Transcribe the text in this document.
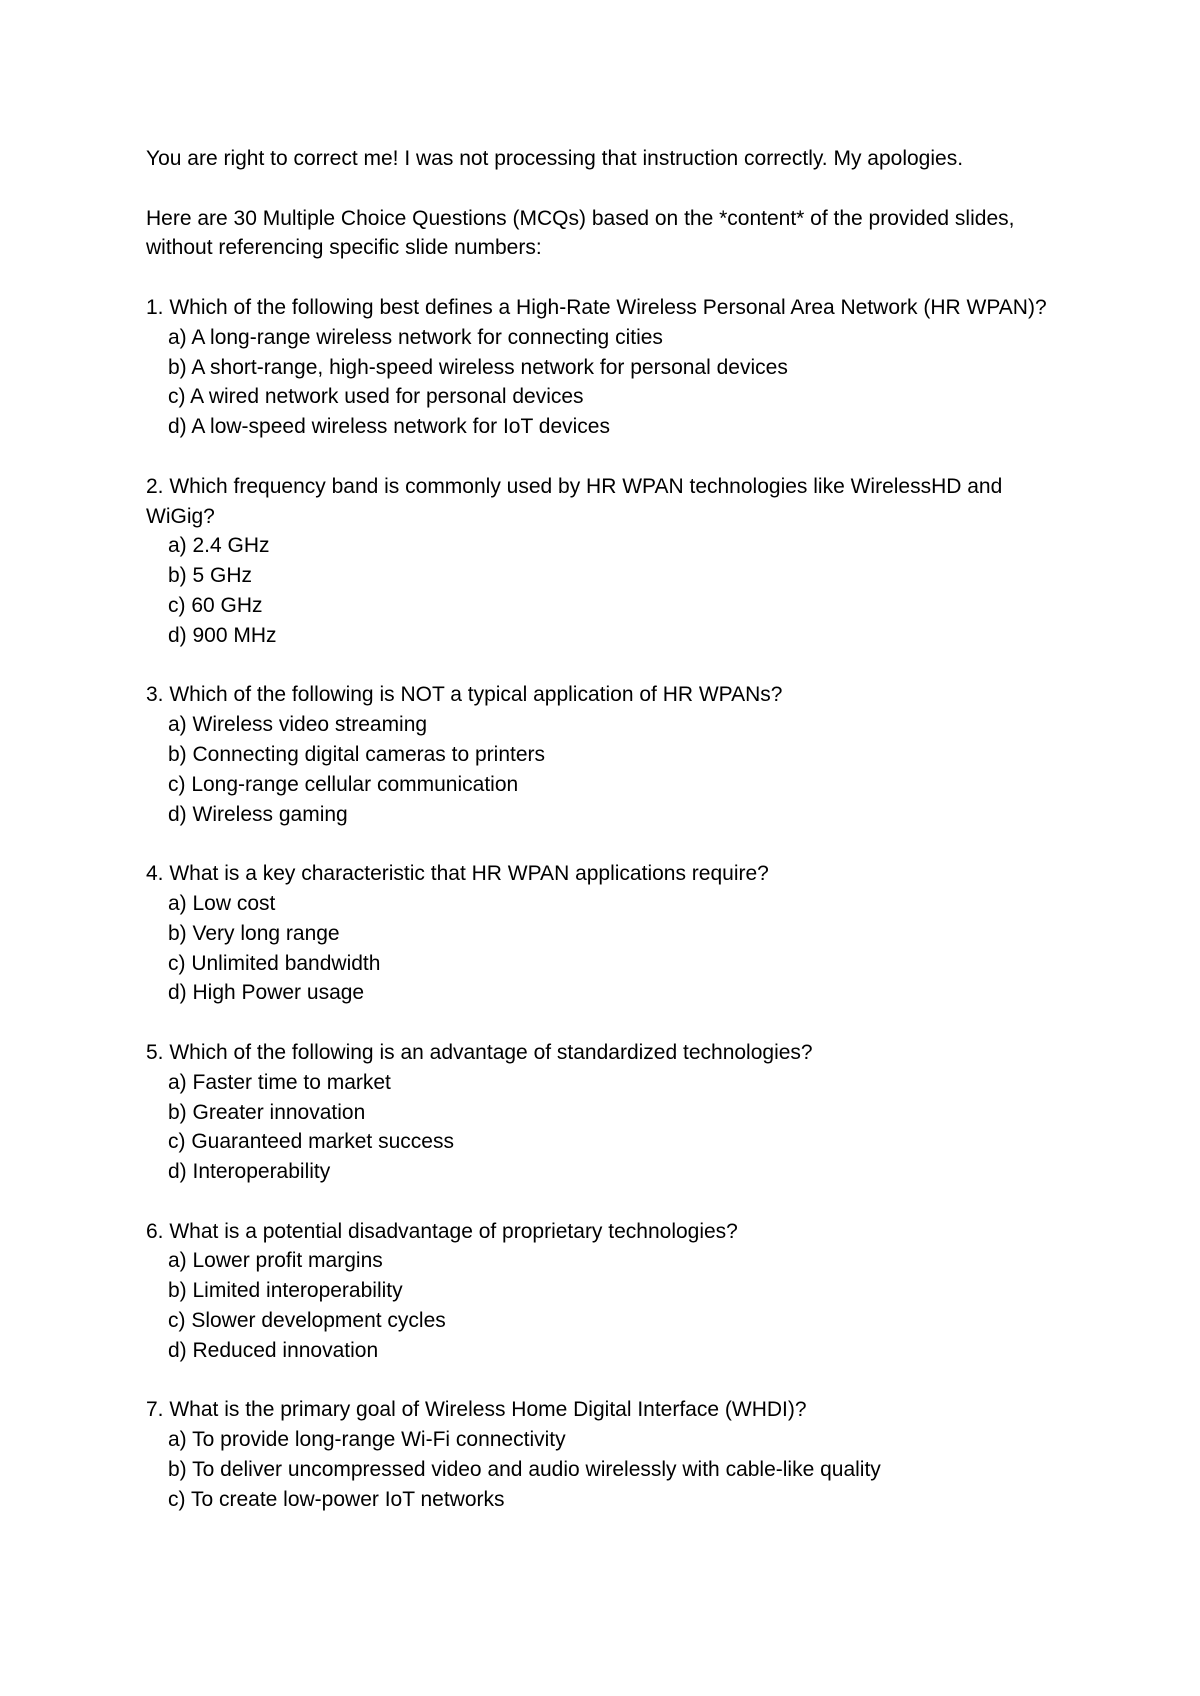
You are right to correct me! I was not processing that instruction correctly. My apologies.

Here are 30 Multiple Choice Questions (MCQs) based on the *content* of the provided slides, without referencing specific slide numbers:

1. Which of the following best defines a High-Rate Wireless Personal Area Network (HR WPAN)?
a) A long-range wireless network for connecting cities
b) A short-range, high-speed wireless network for personal devices
c) A wired network used for personal devices
d) A low-speed wireless network for IoT devices
2. Which frequency band is commonly used by HR WPAN technologies like WirelessHD and WiGig?
a) 2.4 GHz
b) 5 GHz
c) 60 GHz
d) 900 MHz
3. Which of the following is NOT a typical application of HR WPANs?
a) Wireless video streaming
b) Connecting digital cameras to printers
c) Long-range cellular communication
d) Wireless gaming
4. What is a key characteristic that HR WPAN applications require?
a) Low cost
b) Very long range
c) Unlimited bandwidth
d) High Power usage
5. Which of the following is an advantage of standardized technologies?
a) Faster time to market
b) Greater innovation
c) Guaranteed market success
d) Interoperability
6. What is a potential disadvantage of proprietary technologies?
a) Lower profit margins
b) Limited interoperability
c) Slower development cycles
d) Reduced innovation
7. What is the primary goal of Wireless Home Digital Interface (WHDI)?
a) To provide long-range Wi-Fi connectivity
b) To deliver uncompressed video and audio wirelessly with cable-like quality
c) To create low-power IoT networks
